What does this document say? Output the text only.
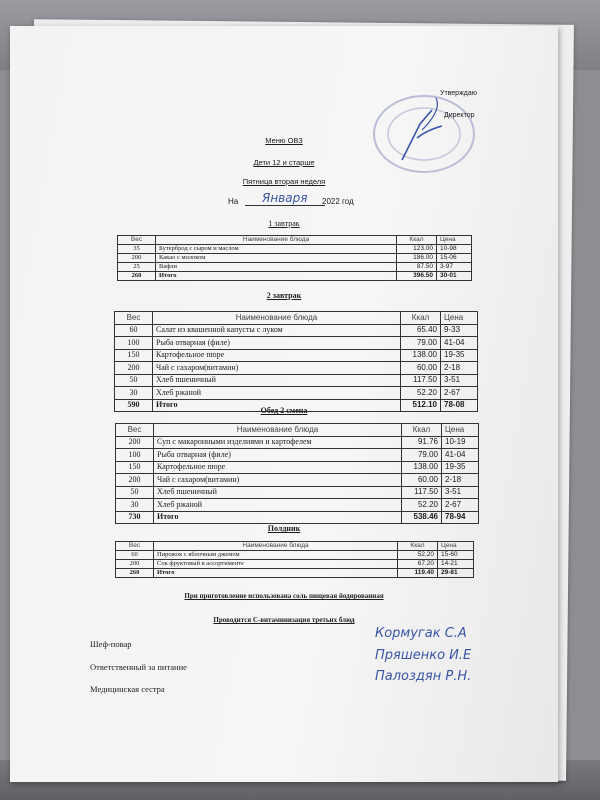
Утверждаю
Директор
Меню ОВЗ
Дети 12 и старше
Пятница вторая неделя
На Января 2022 год
1 завтрак
Вес	Наименование блюда	Ккал	Цена
35	Бутерброд с сыром и маслом	123.00	10-98
200	Какао с молоком	186.00	15-06
25	Вафли	87.50	3-97
260	Итого	396.50	30-01
2 завтрак
Вес	Наименование блюда	Ккал	Цена
60	Салат из квашенной капусты с луком	65.40	9-33
100	Рыба отварная (филе)	79.00	41-04
150	Картофельное пюре	138.00	19-35
200	Чай с сахаром(витамин)	60.00	2-18
50	Хлеб пшеничный	117.50	3-51
30	Хлеб ржаной	52.20	2-67
590	Итого	512.10	78-08
Обед 2 смена
Вес	Наименование блюда	Ккал	Цена
200	Суп с макаронными изделиями и картофелем	91.76	10-19
100	Рыба отварная (филе)	79.00	41-04
150	Картофельное пюре	138.00	19-35
200	Чай с сахаром(витамин)	60.00	2-18
50	Хлеб пшеничный	117.50	3-51
30	Хлеб ржаной	52.20	2-67
730	Итого	538.46	78-94
Полдник
Вес	Наименование блюда	Ккал	Цена
60	Пирожок с яблочным джемом	52.20	15-60
200	Сок фруктовый в ассортименте	67.20	14-21
260	Итого	119.40	29-81
При приготовление использована соль пищевая йодированная
Проводится С-витаминизация третьих блюд
Шеф-повар
Кормугак С.А
Ответственный за питание
Пряшенко И.Е
Медицинская сестра
Палоздян Р.Н.
